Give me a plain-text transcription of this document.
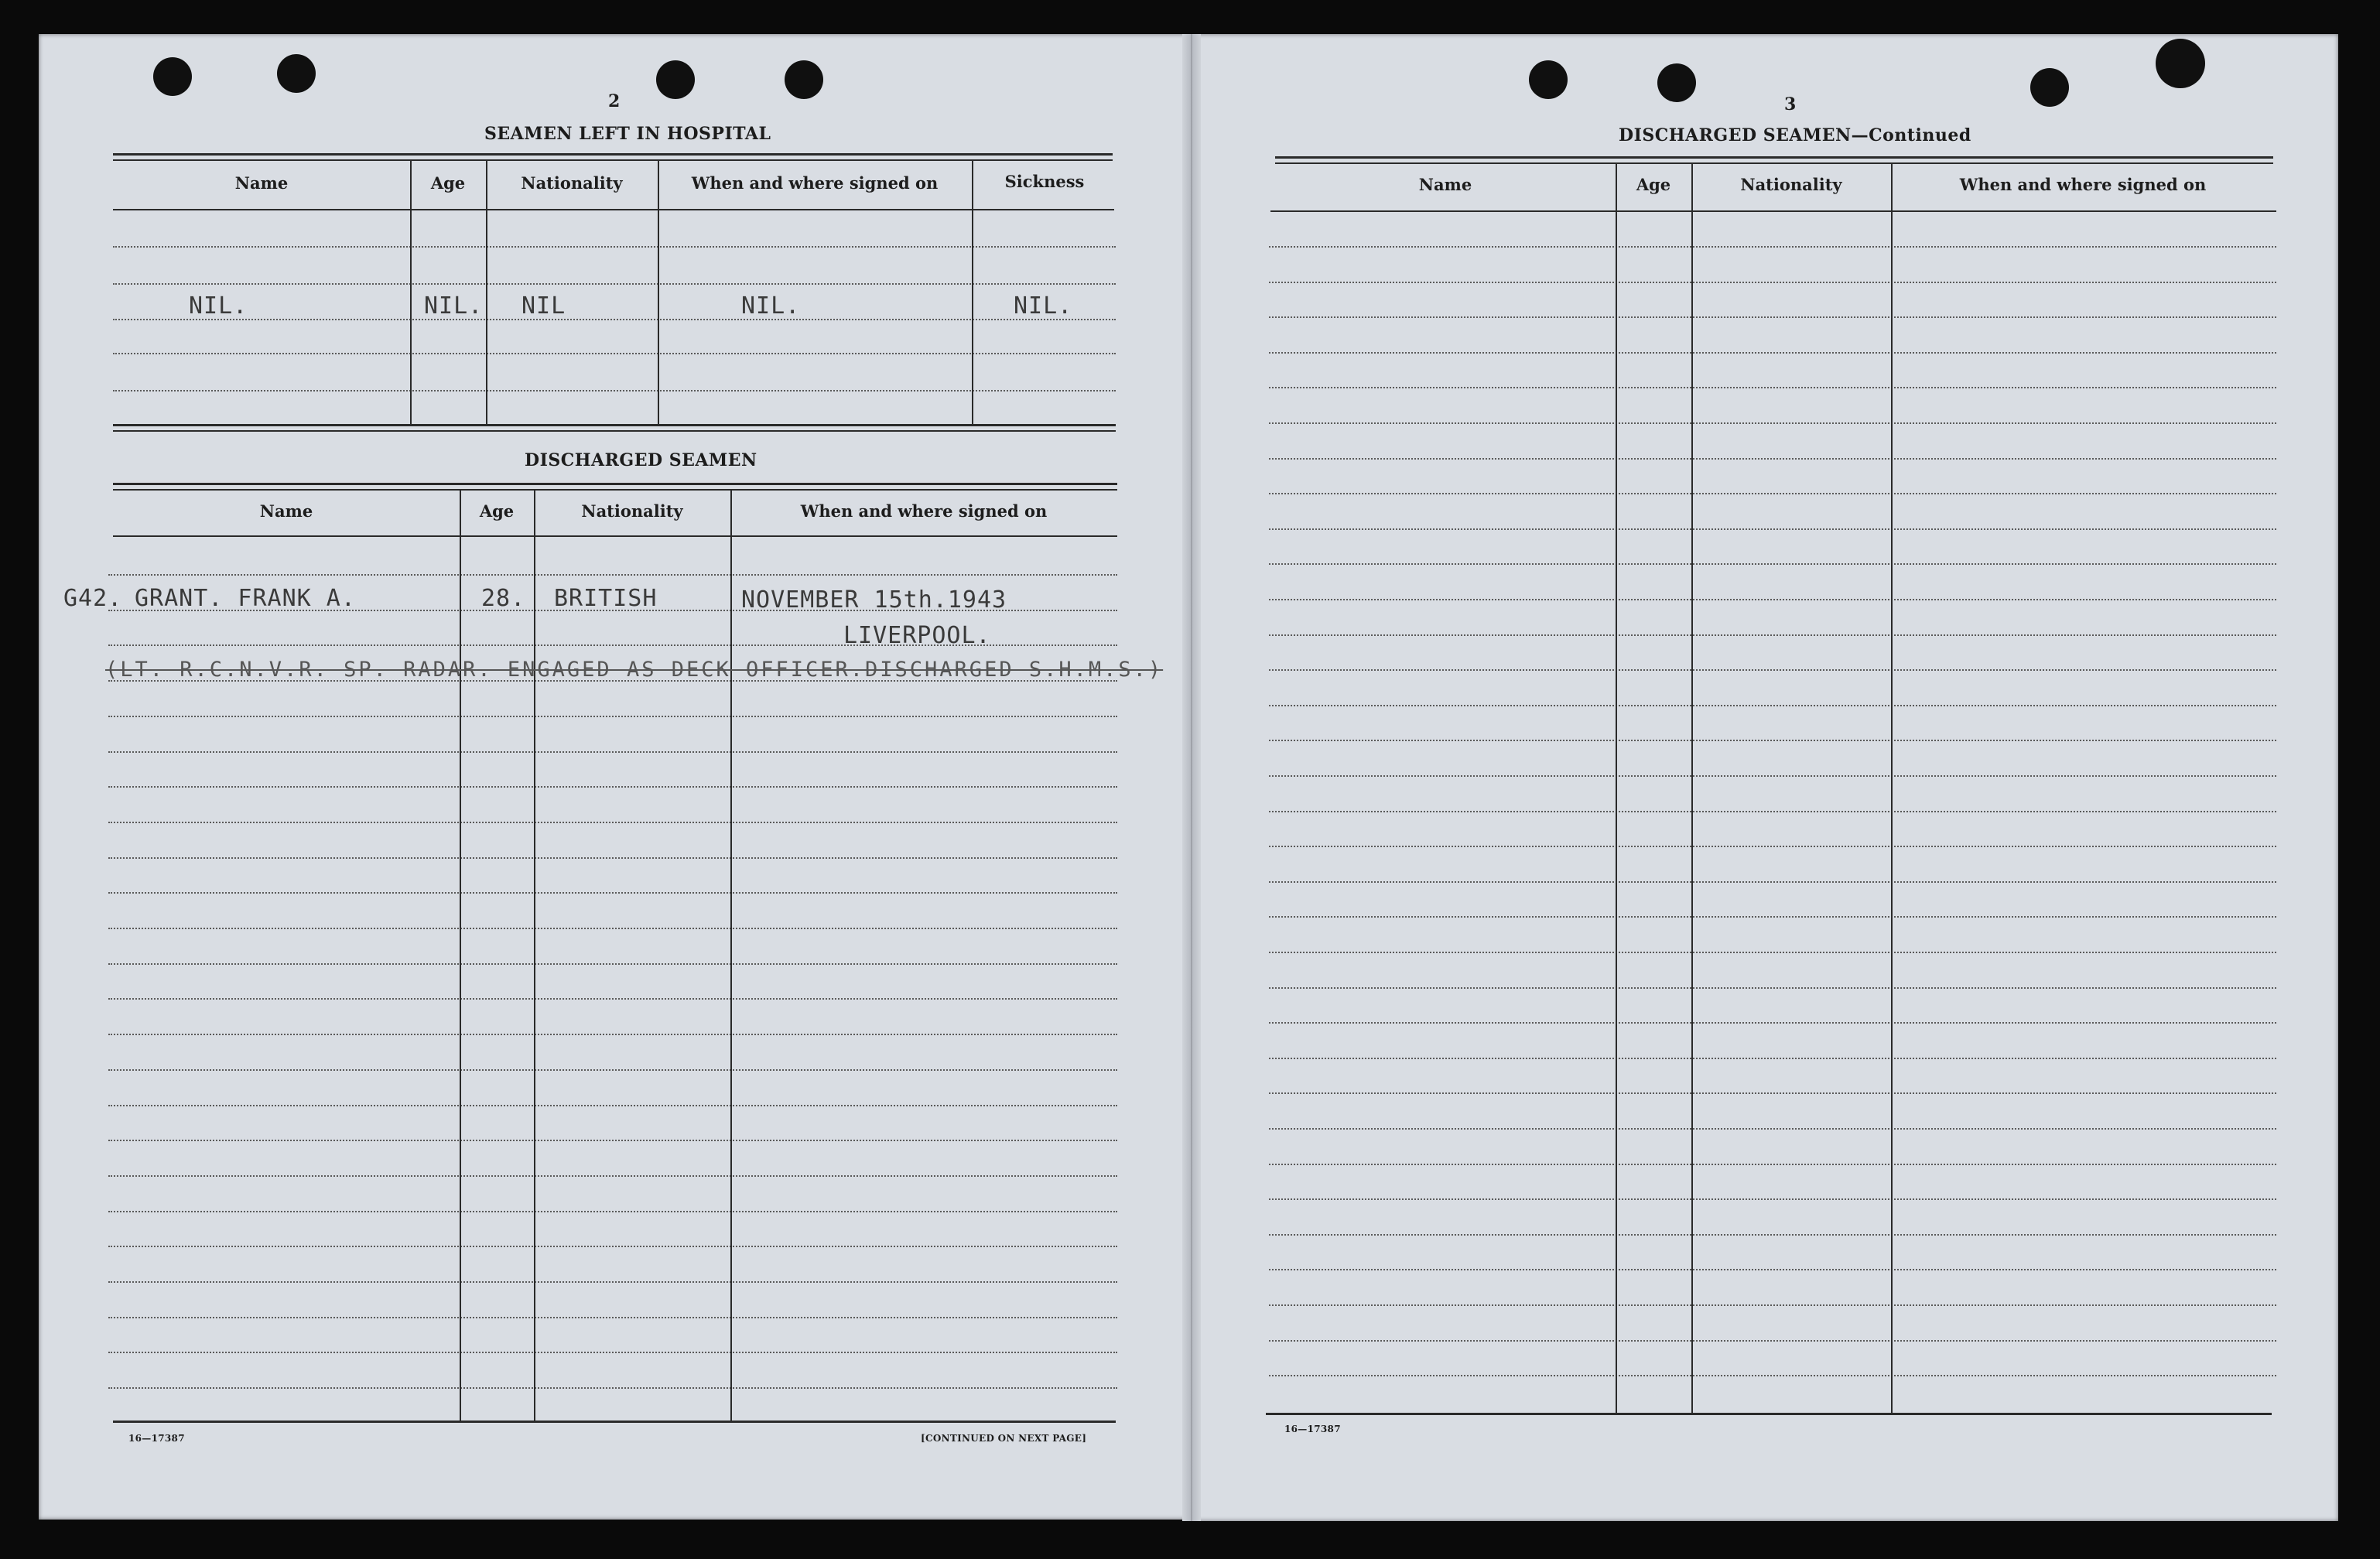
2
SEAMEN LEFT IN HOSPITAL
Name	Age	Nationality	When and where signed on	Sickness
NIL.	NIL. NIL	NIL.	NIL.
DISCHARGED SEAMEN
Name	Age	Nationality	When and where signed on
G42. GRANT. FRANK A.	28. BRITISH	NOVEMBER 15th.1943
LIVERPOOL.
(LT. R.C.N.V.R. SP. RADAR. ENGAGED AS DECK OFFICER.DISCHARGED S.H.M.S.)
16—17387	[CONTINUED ON NEXT PAGE]
3
DISCHARGED SEAMEN—Continued
Name	Age	Nationality	When and where signed on
16—17387
